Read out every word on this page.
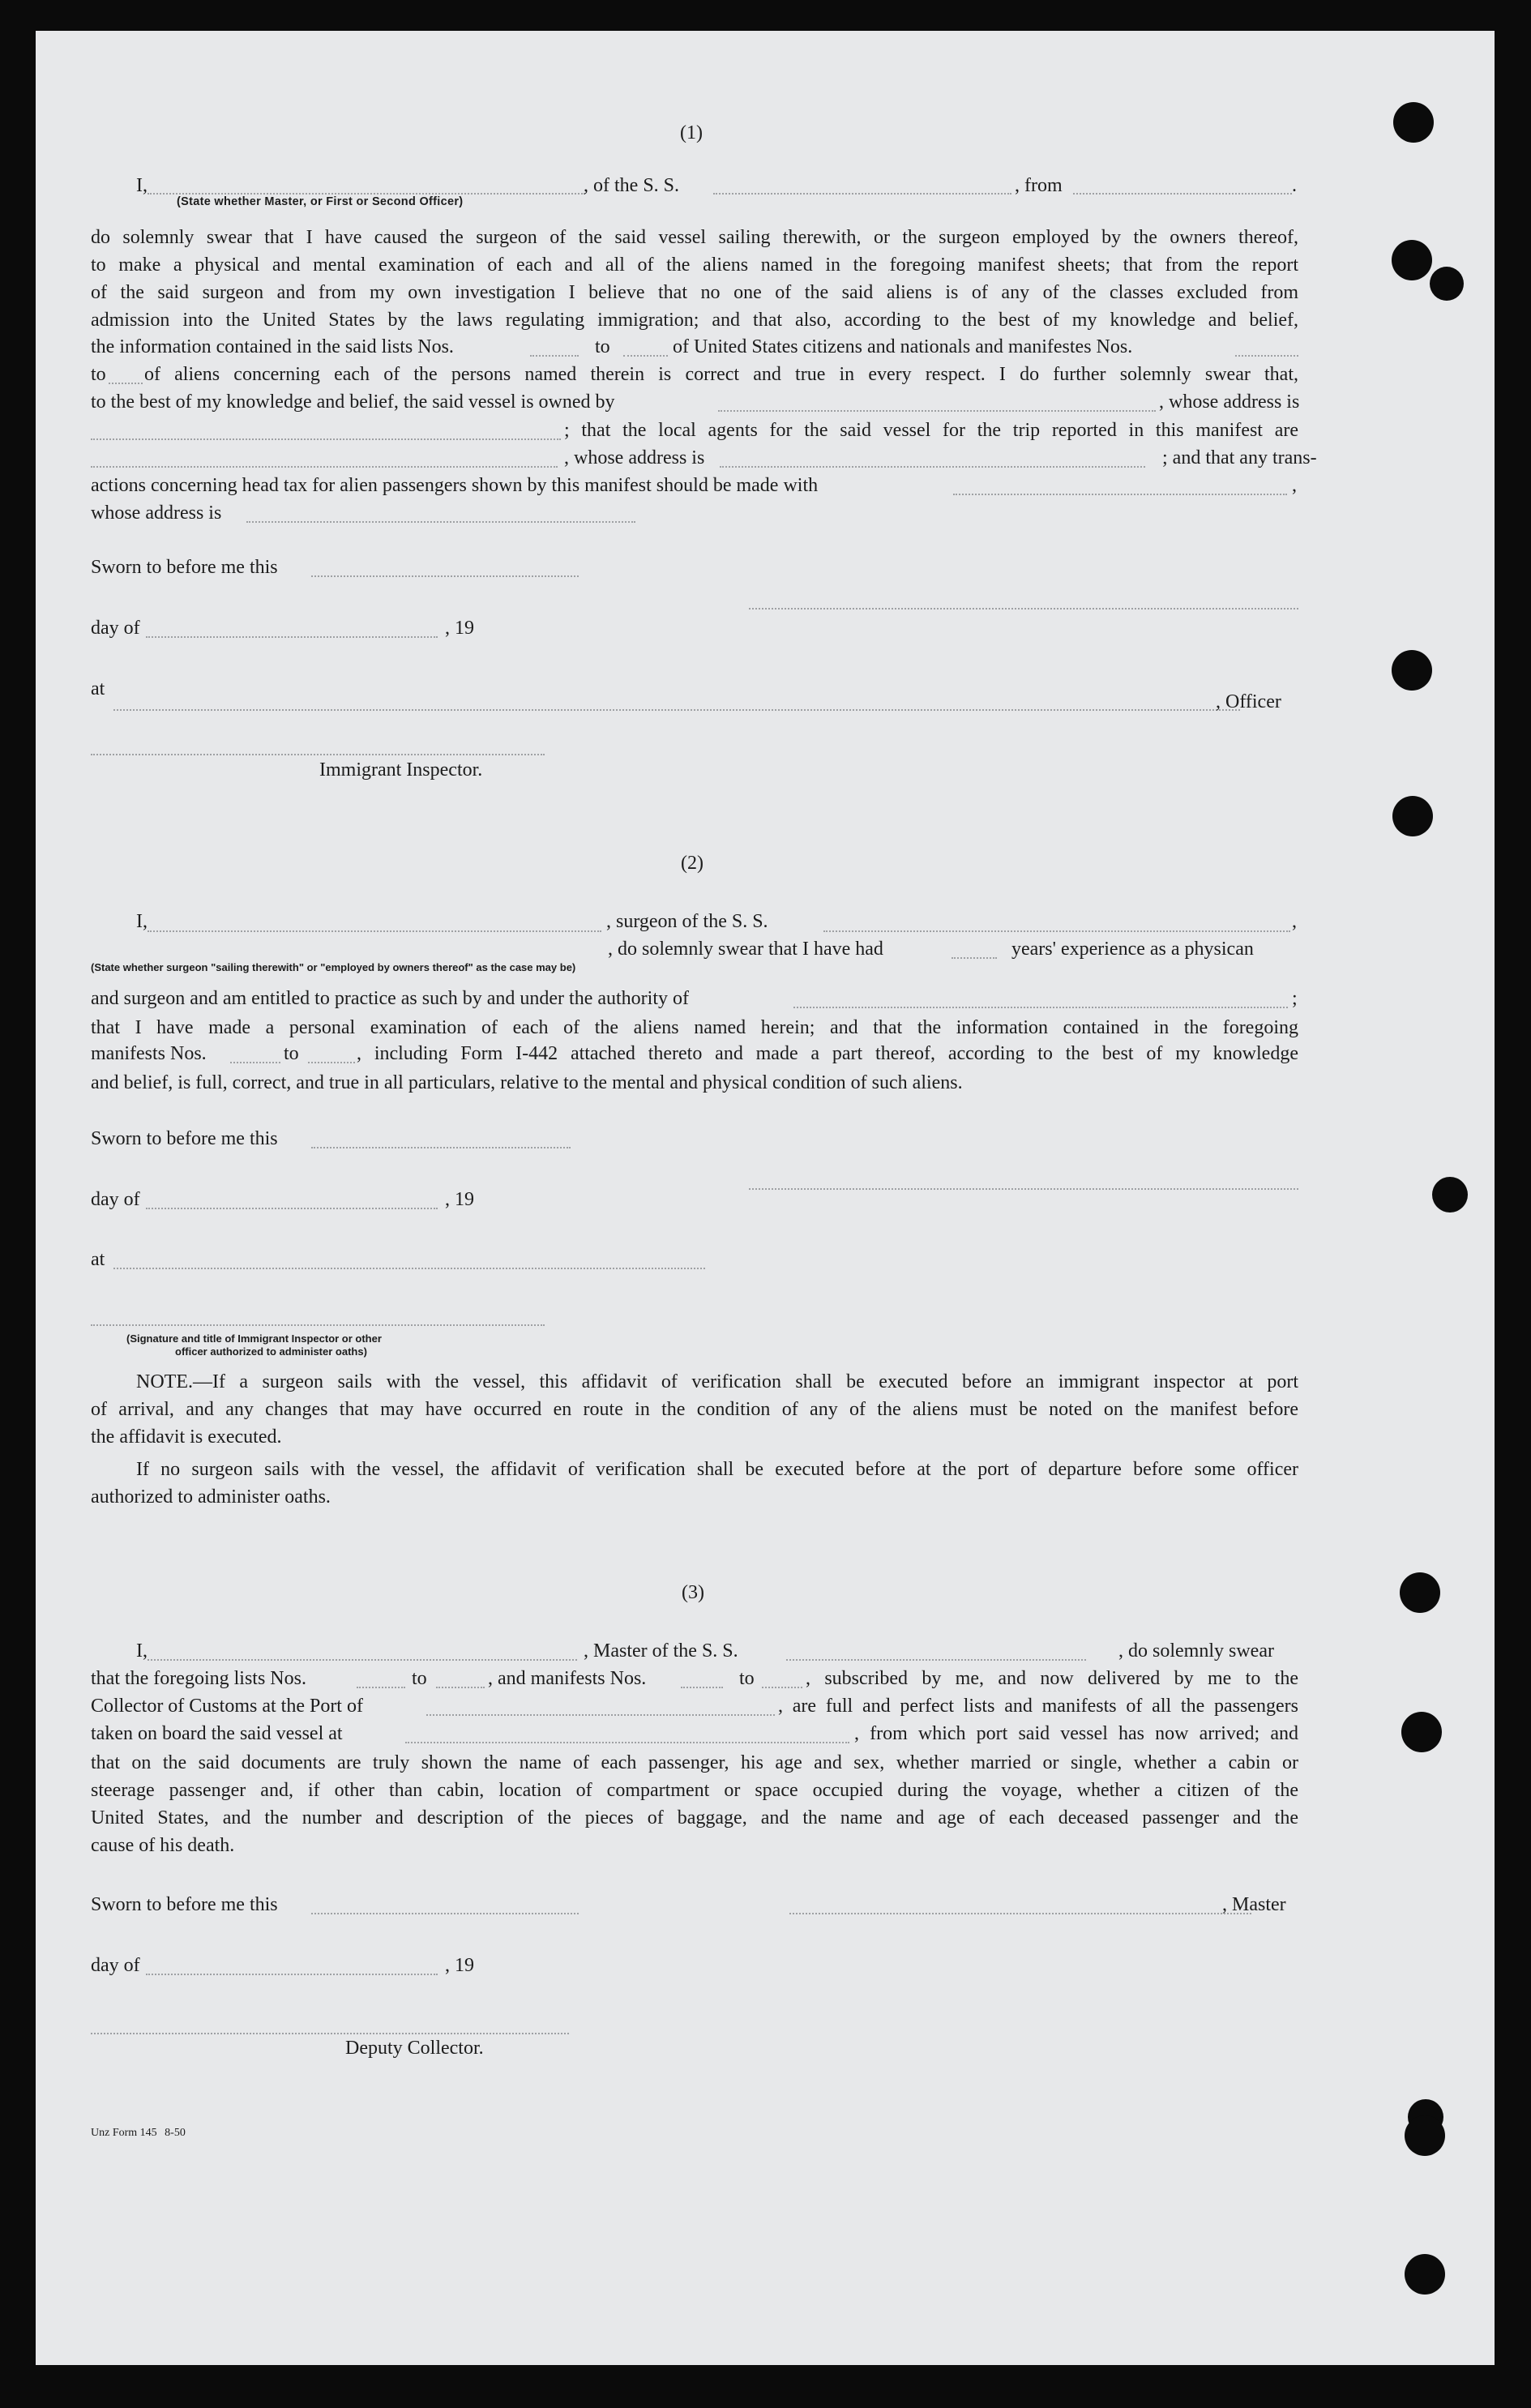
(1)
I,	, of the S. S.	, from	.
(State whether Master, or First or Second Officer)
do solemnly swear that I have caused the surgeon of the said vessel sailing therewith, or the surgeon employed by the owners thereof,
to make a physical and mental examination of each and all of the aliens named in the foregoing manifest sheets; that from the report
of the said surgeon and from my own investigation I believe that no one of the said aliens is of any of the classes excluded from
admission into the United States by the laws regulating immigration; and that also, according to the best of my knowledge and belief,
the information contained in the said lists Nos.	to	of United States citizens and nationals and manifestes Nos.
to of aliens concerning each of the persons named therein is correct and true in every respect. I do further solemnly swear that,
to the best of my knowledge and belief, the said vessel is owned by	, whose address is
; that the local agents for the said vessel for the trip reported in this manifest are
, whose address is	; and that any trans-
actions concerning head tax for alien passengers shown by this manifest should be made with	,
whose address is
Sworn to before me this
day of	, 19
at
, Officer
Immigrant Inspector.
(2)
I,	, surgeon of the S. S.	,
, do solemnly swear that I have had	years' experience as a physican
(State whether surgeon "sailing therewith" or "employed by owners thereof" as the case may be)
and surgeon and am entitled to practice as such by and under the authority of	;
that I have made a personal examination of each of the aliens named herein; and that the information contained in the foregoing
manifests Nos.	to	, including Form I-442 attached thereto and made a part thereof, according to the best of my knowledge
and belief, is full, correct, and true in all particulars, relative to the mental and physical condition of such aliens.
Sworn to before me this
day of	, 19
at
(Signature and title of Immigrant Inspector or other
officer authorized to administer oaths)
NOTE.—If a surgeon sails with the vessel, this affidavit of verification shall be executed before an immigrant inspector at port
of arrival, and any changes that may have occurred en route in the condition of any of the aliens must be noted on the manifest before
the affidavit is executed.
If no surgeon sails with the vessel, the affidavit of verification shall be executed before at the port of departure before some officer
authorized to administer oaths.
(3)
I,	, Master of the S. S.	, do solemnly swear
that the foregoing lists Nos.	to	, and manifests Nos.	to	, subscribed by me, and now delivered by me to the
Collector of Customs at the Port of	, are full and perfect lists and manifests of all the passengers
taken on board the said vessel at	, from which port said vessel has now arrived; and
that on the said documents are truly shown the name of each passenger, his age and sex, whether married or single, whether a cabin or
steerage passenger and, if other than cabin, location of compartment or space occupied during the voyage, whether a citizen of the
United States, and the number and description of the pieces of baggage, and the name and age of each deceased passenger and the
cause of his death.
Sworn to before me this	, Master
day of	, 19
Deputy Collector.
Unz Form 145 8-50
